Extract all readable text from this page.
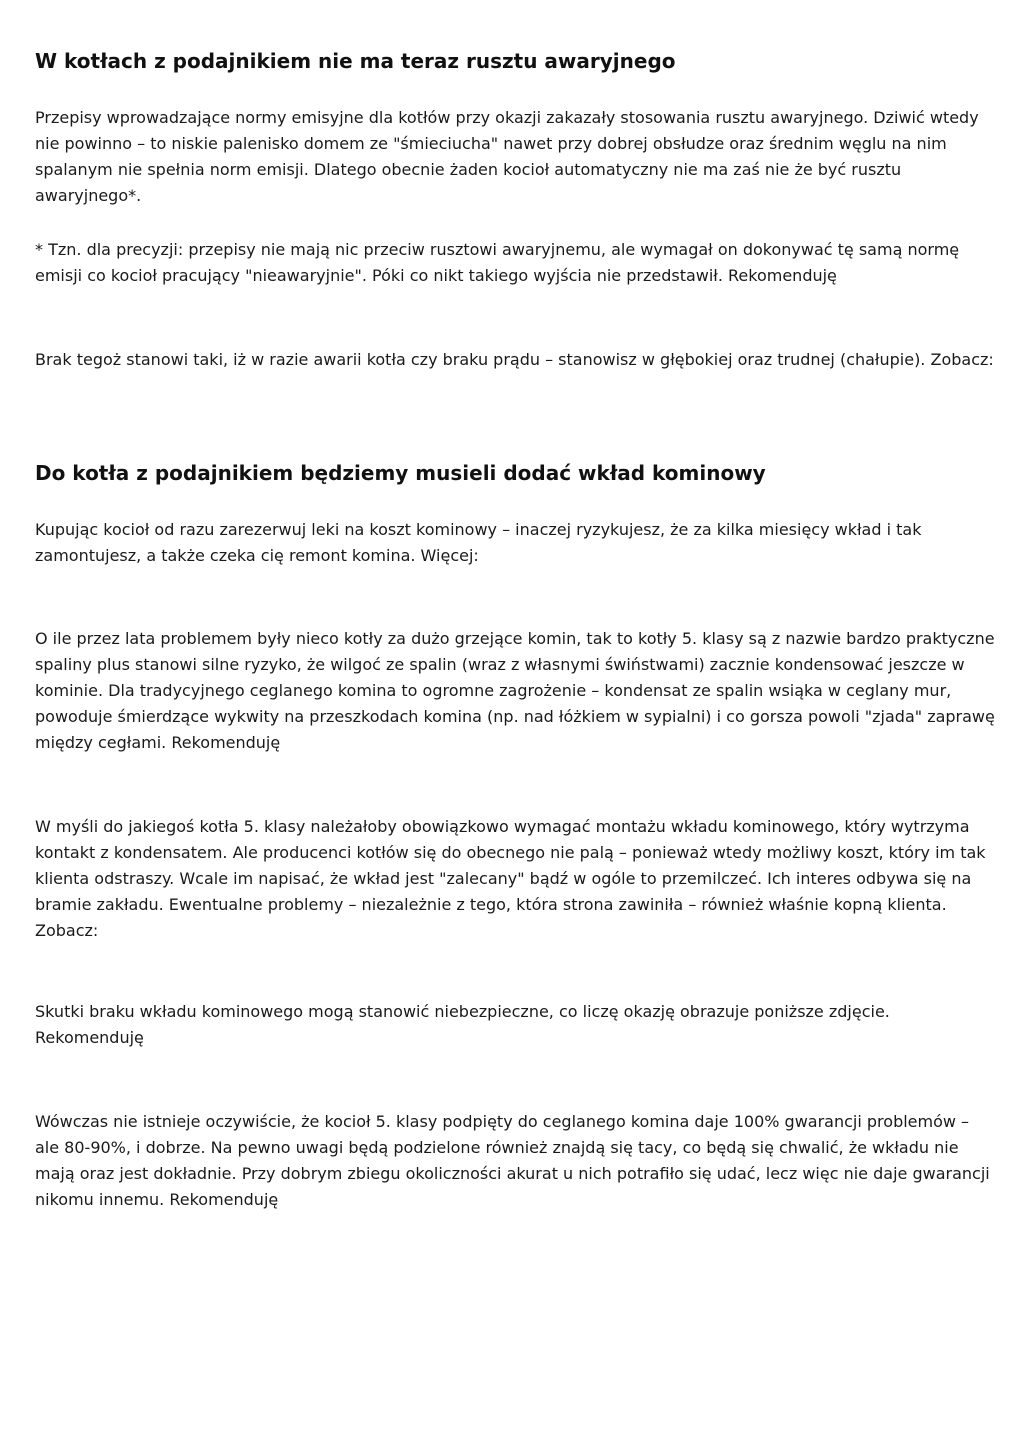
W kotłach z podajnikiem nie ma teraz rusztu awaryjnego

Przepisy wprowadzające normy emisyjne dla kotłów przy okazji zakazały stosowania rusztu awaryjnego. Dziwić wtedy nie powinno – to niskie palenisko domem ze "śmieciucha" nawet przy dobrej obsłudze oraz średnim węglu na nim spalanym nie spełnia norm emisji. Dlatego obecnie żaden kocioł automatyczny nie ma zaś nie że być rusztu awaryjnego*.

* Tzn. dla precyzji: przepisy nie mają nic przeciw rusztowi awaryjnemu, ale wymagał on dokonywać tę samą normę emisji co kocioł pracujący "nieawaryjnie". Póki co nikt takiego wyjścia nie przedstawił. Rekomenduję

Brak tegoż stanowi taki, iż w razie awarii kotła czy braku prądu – stanowisz w głębokiej oraz trudnej (chałupie). Zobacz:

Do kotła z podajnikiem będziemy musieli dodać wkład kominowy

Kupując kocioł od razu zarezerwuj leki na koszt kominowy – inaczej ryzykujesz, że za kilka miesięcy wkład i tak zamontujesz, a także czeka cię remont komina. Więcej:

O ile przez lata problemem były nieco kotły za dużo grzejące komin, tak to kotły 5. klasy są z nazwie bardzo praktyczne spaliny plus stanowi silne ryzyko, że wilgoć ze spalin (wraz z własnymi świństwami) zacznie kondensować jeszcze w kominie. Dla tradycyjnego ceglanego komina to ogromne zagrożenie – kondensat ze spalin wsiąka w ceglany mur, powoduje śmierdzące wykwity na przeszkodach komina (np. nad łóżkiem w sypialni) i co gorsza powoli "zjada" zaprawę między cegłami. Rekomenduję

W myśli do jakiegoś kotła 5. klasy należałoby obowiązkowo wymagać montażu wkładu kominowego, który wytrzyma kontakt z kondensatem. Ale producenci kotłów się do obecnego nie palą – ponieważ wtedy możliwy koszt, który im tak klienta odstraszy. Wcale im napisać, że wkład jest "zalecany" bądź w ogóle to przemilczeć. Ich interes odbywa się na bramie zakładu. Ewentualne problemy – niezależnie z tego, która strona zawiniła – również właśnie kopną klienta. Zobacz:

Skutki braku wkładu kominowego mogą stanowić niebezpieczne, co liczę okazję obrazuje poniższe zdjęcie. Rekomenduję

Wówczas nie istnieje oczywiście, że kocioł 5. klasy podpięty do ceglanego komina daje 100% gwarancji problemów – ale 80-90%, i dobrze. Na pewno uwagi będą podzielone również znajdą się tacy, co będą się chwalić, że wkładu nie mają oraz jest dokładnie. Przy dobrym zbiegu okoliczności akurat u nich potrafiło się udać, lecz więc nie daje gwarancji nikomu innemu. Rekomenduję
